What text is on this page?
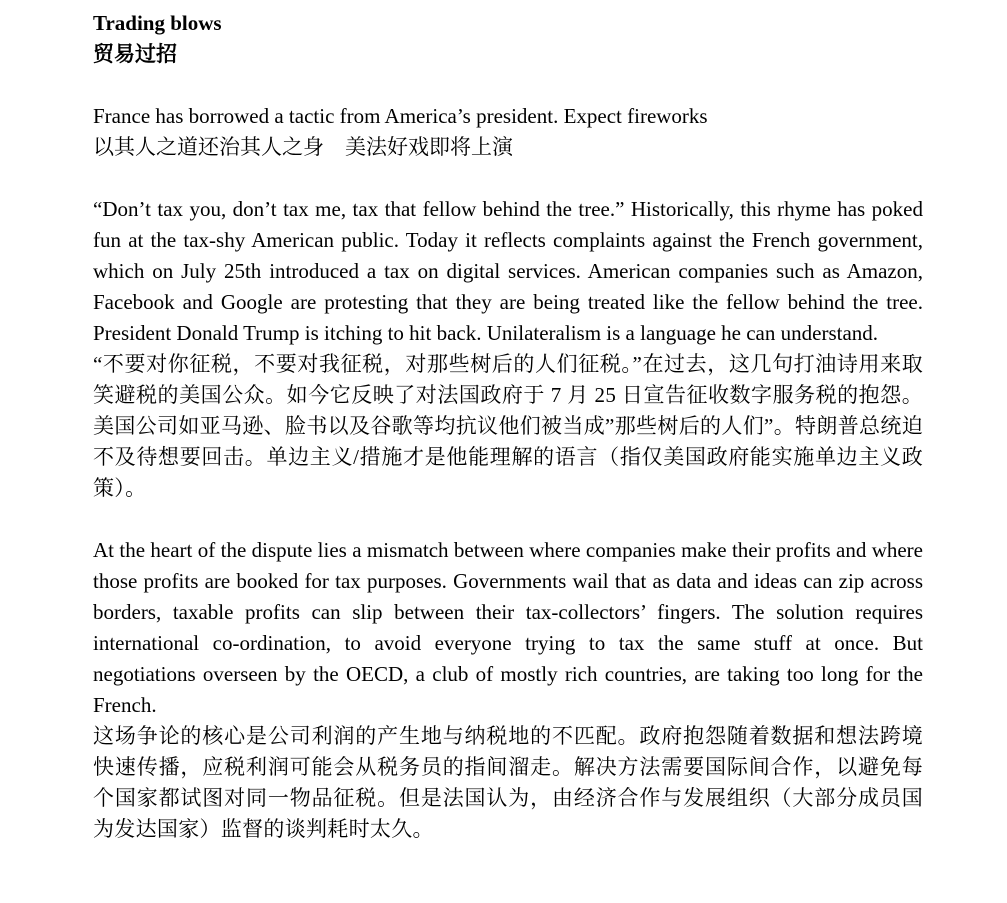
Trading blows
贸易过招

France has borrowed a tactic from America’s president. Expect fireworks

以其人之道还治其人之身　美法好戏即将上演

“Don’t tax you, don’t tax me, tax that fellow behind the tree.” Historically, this rhyme has poked fun at the tax-shy American public. Today it reflects complaints against the French government, which on July 25th introduced a tax on digital services. American companies such as Amazon, Facebook and Google are protesting that they are being treated like the fellow behind the tree. President Donald Trump is itching to hit back. Unilateralism is a language he can understand.

“不要对你征税，不要对我征税，对那些树后的人们征税。”在过去，这几句打油诗用来取笑避税的美国公众。如今它反映了对法国政府于 7 月 25 日宣告征收数字服务税的抱怨。美国公司如亚马逊、脸书以及谷歌等均抗议他们被当成”那些树后的人们”。特朗普总统迫不及待想要回击。单边主义/措施才是他能理解的语言（指仅美国政府能实施单边主义政策）。

At the heart of the dispute lies a mismatch between where companies make their profits and where those profits are booked for tax purposes. Governments wail that as data and ideas can zip across borders, taxable profits can slip between their tax-collectors’ fingers. The solution requires international co-ordination, to avoid everyone trying to tax the same stuff at once. But negotiations overseen by the OECD, a club of mostly rich countries, are taking too long for the French.

这场争论的核心是公司利润的产生地与纳税地的不匹配。政府抱怨随着数据和想法跨境快速传播，应税利润可能会从税务员的指间溜走。解决方法需要国际间合作，以避免每个国家都试图对同一物品征税。但是法国认为，由经济合作与发展组织（大部分成员国为发达国家）监督的谈判耗时太久。
